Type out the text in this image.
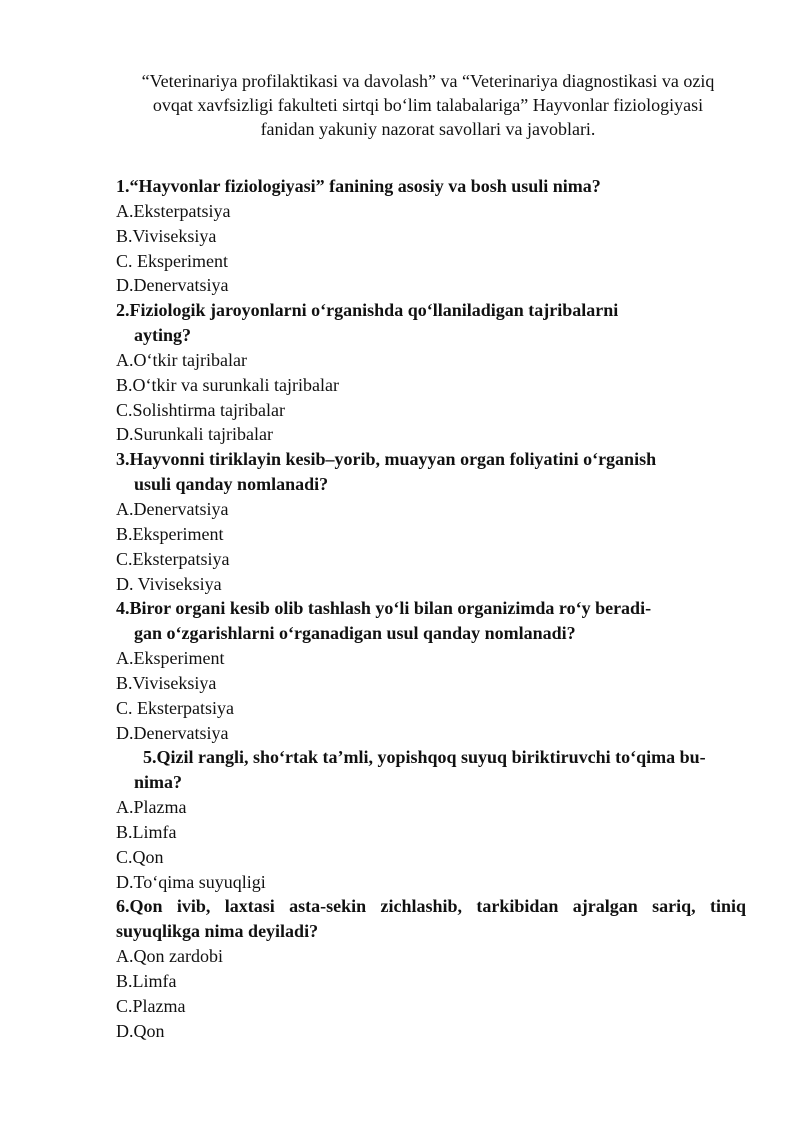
“Veterinariya profilaktikasi va davolash” va “Veterinariya diagnostikasi va oziq
ovqat xavfsizligi fakulteti sirtqi bo‘lim talabalariga” Hayvonlar fiziologiyasi
fanidan yakuniy nazorat savollari va javoblari.
1.“Hayvonlar fiziologiyasi” fanining asosiy va bosh usuli nima?
A.Eksterpatsiya
B.Viviseksiya
C. Eksperiment
D.Denervatsiya
2.Fiziologik jaroyonlarni o‘rganishda qo‘llaniladigan tajribalarni
ayting?
A.O‘tkir tajribalar
B.O‘tkir va surunkali tajribalar
C.Solishtirma tajribalar
D.Surunkali tajribalar
3.Hayvonni tiriklayin kesib–yorib, muayyan organ foliyatini o‘rganish
usuli qanday nomlanadi?
A.Denervatsiya
B.Eksperiment
C.Eksterpatsiya
D. Viviseksiya
4.Biror organi kesib olib tashlash yo‘li bilan organizimda ro‘y beradi-
gan o‘zgarishlarni o‘rganadigan usul qanday nomlanadi?
A.Eksperiment
B.Viviseksiya
C. Eksterpatsiya
D.Denervatsiya
5.Qizil rangli, sho‘rtak ta’mli, yopishqoq suyuq biriktiruvchi to‘qima bu-
nima?
A.Plazma
B.Limfa
C.Qon
D.To‘qima suyuqligi
6.Qon ivib, laxtasi asta-sekin zichlashib, tarkibidan ajralgan sariq, tiniq
suyuqlikga nima deyiladi?
A.Qon zardobi
B.Limfa
C.Plazma
D.Qon
